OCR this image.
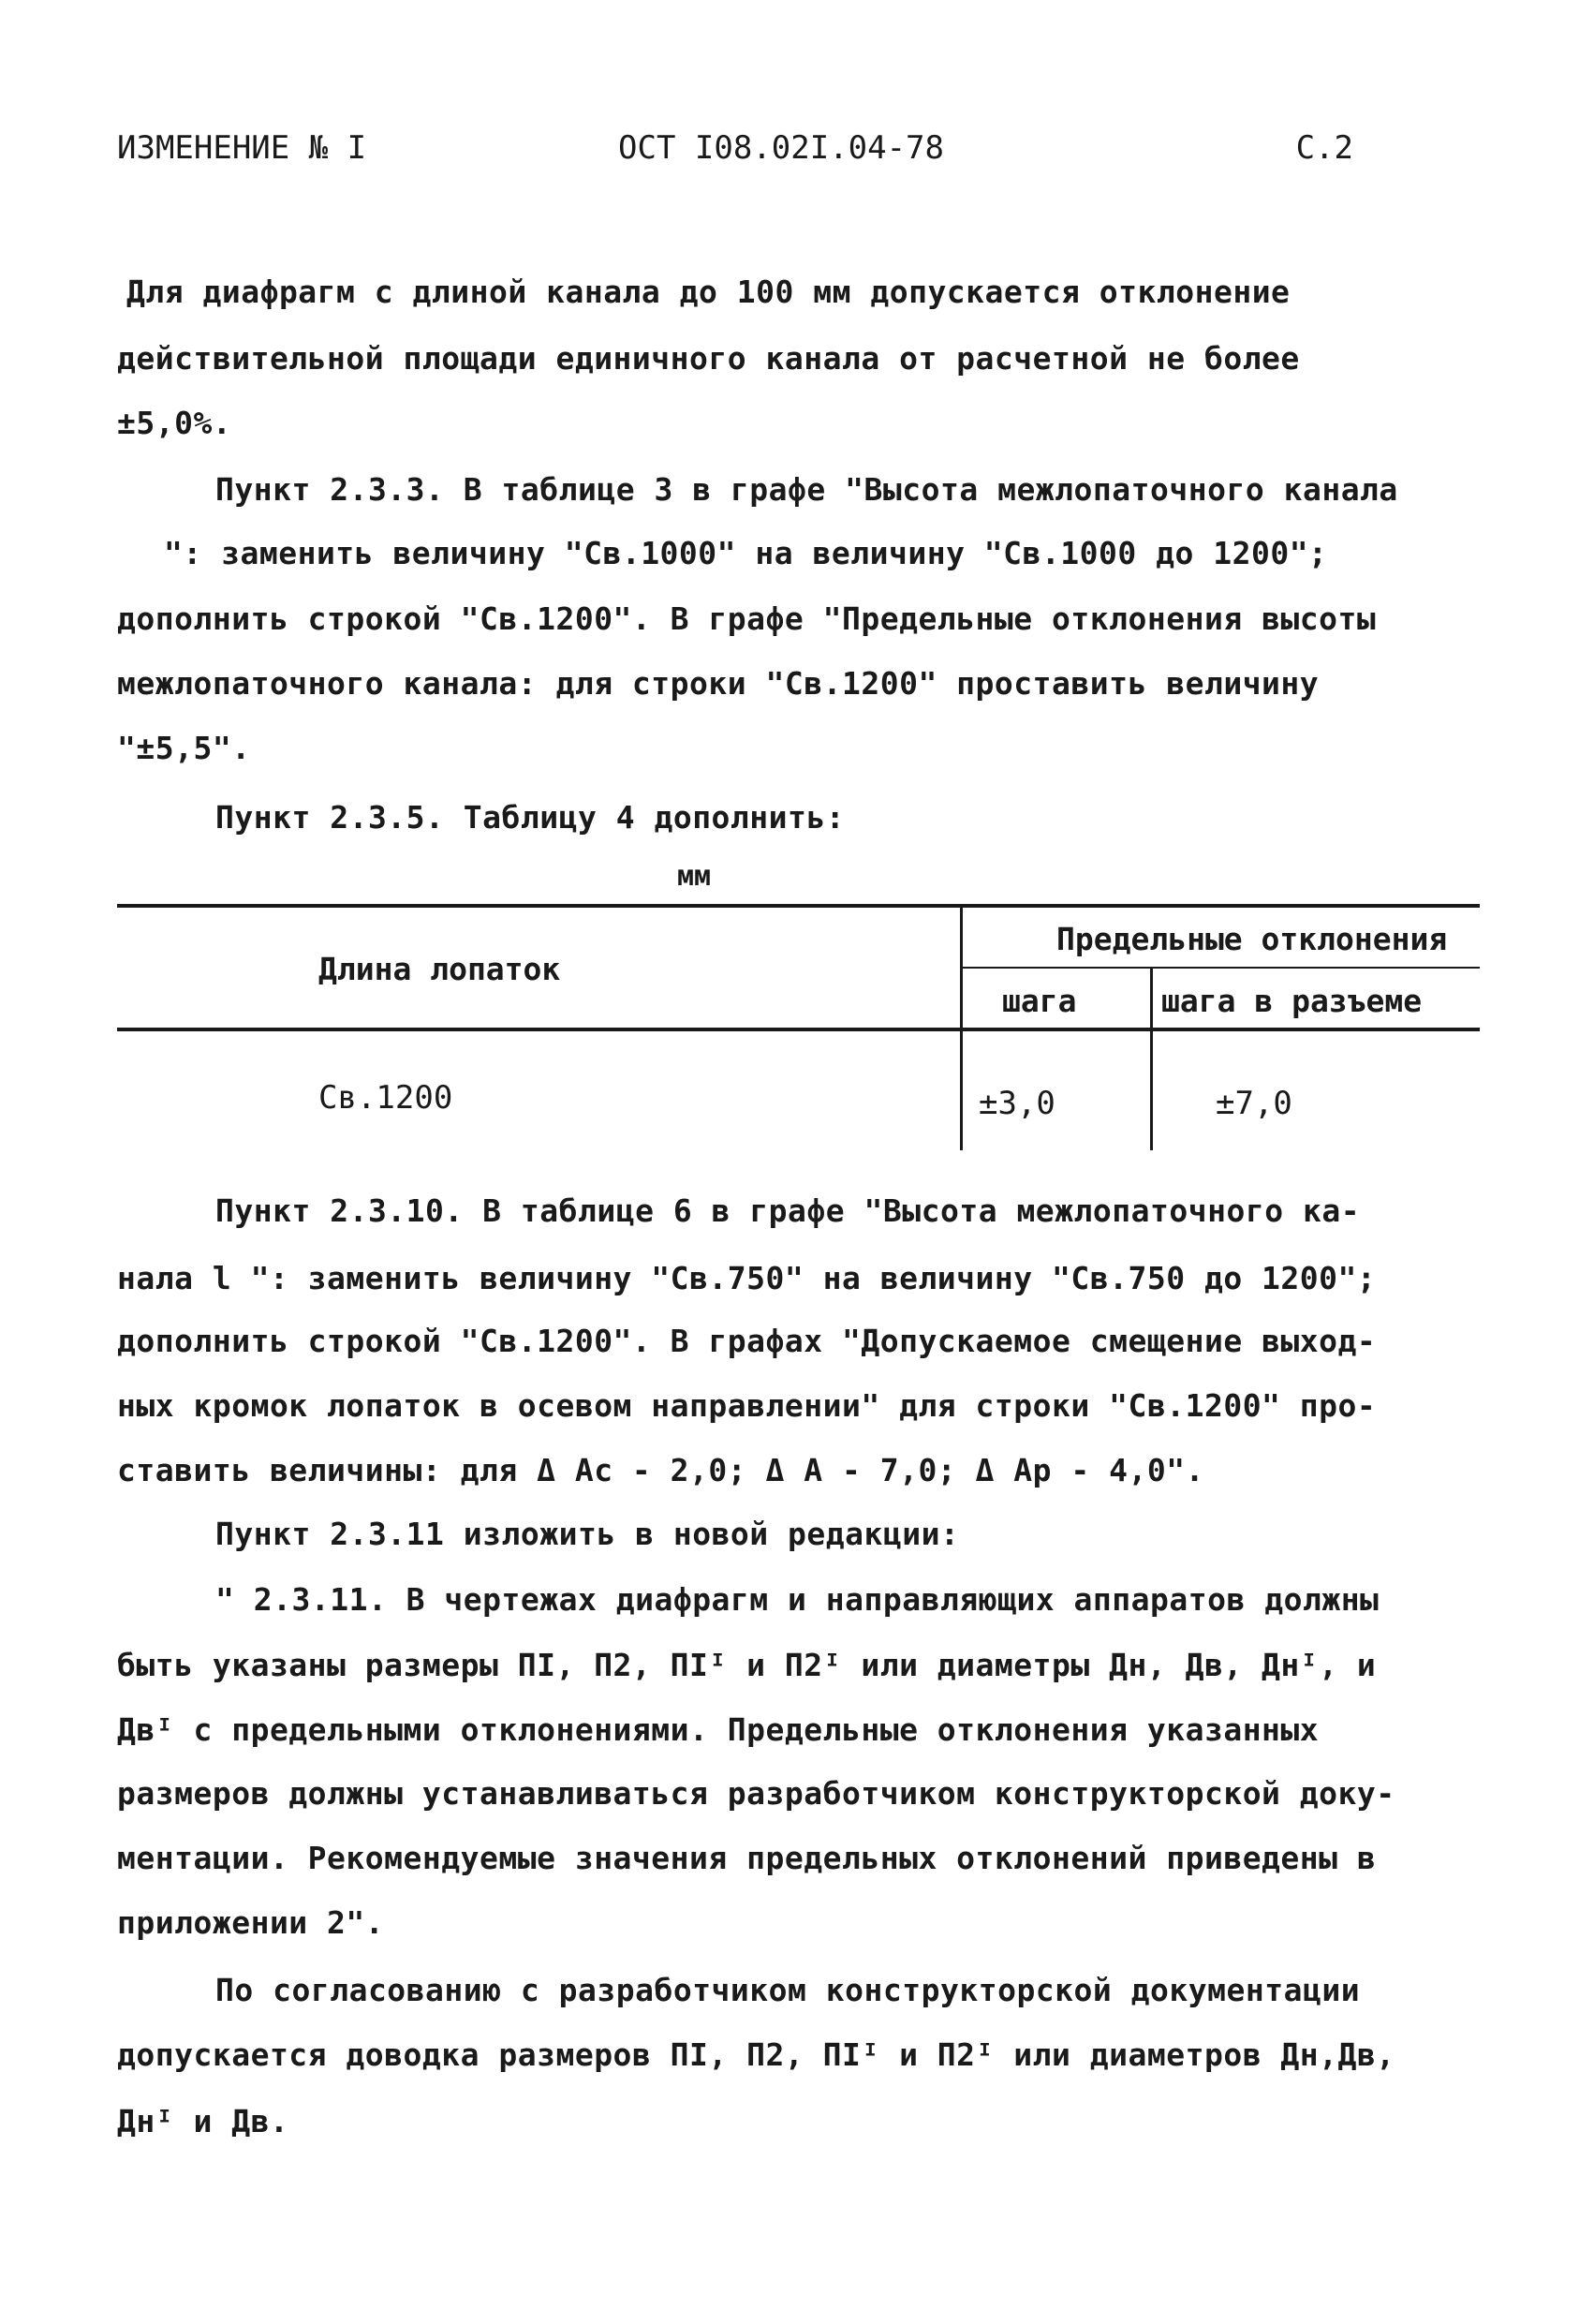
ИЗМЕНЕНИЕ № I	ОСТ I08.02I.04-78	С.2
Для диафрагм с длиной канала до 100 мм допускается отклонение
действительной площади единичного канала от расчетной не более
±5,0%.
Пункт 2.3.3. В таблице 3 в графе "Высота межлопаточного канала
": заменить величину "Св.1000" на величину "Св.1000 до 1200";
дополнить строкой "Св.1200". В графе "Предельные отклонения высоты
межлопаточного канала: для строки "Св.1200" проставить величину
"±5,5".
Пункт 2.3.5. Таблицу 4 дополнить:
мм
Длина лопаток
Предельные отклонения
шага	шага в разъеме
Св.1200	±3,0	±7,0
Пункт 2.3.10. В таблице 6 в графе "Высота межлопаточного ка-
нала l ": заменить величину "Св.750" на величину "Св.750 до 1200";
дополнить строкой "Св.1200". В графах "Допускаемое смещение выход-
ных кромок лопаток в осевом направлении" для строки "Св.1200" про-
ставить величины: для Δ Ac - 2,0; Δ A - 7,0; Δ Ap - 4,0".
Пункт 2.3.11 изложить в новой редакции:
" 2.3.11. В чертежах диафрагм и направляющих аппаратов должны
быть указаны размеры ПI, П2, ПIᴵ и П2ᴵ или диаметры Дн, Дв, Днᴵ, и
Двᴵ с предельными отклонениями. Предельные отклонения указанных
размеров должны устанавливаться разработчиком конструкторской доку-
ментации. Рекомендуемые значения предельных отклонений приведены в
приложении 2".
По согласованию с разработчиком конструкторской документации
допускается доводка размеров ПI, П2, ПIᴵ и П2ᴵ или диаметров Дн,Дв,
Днᴵ и Дв.
